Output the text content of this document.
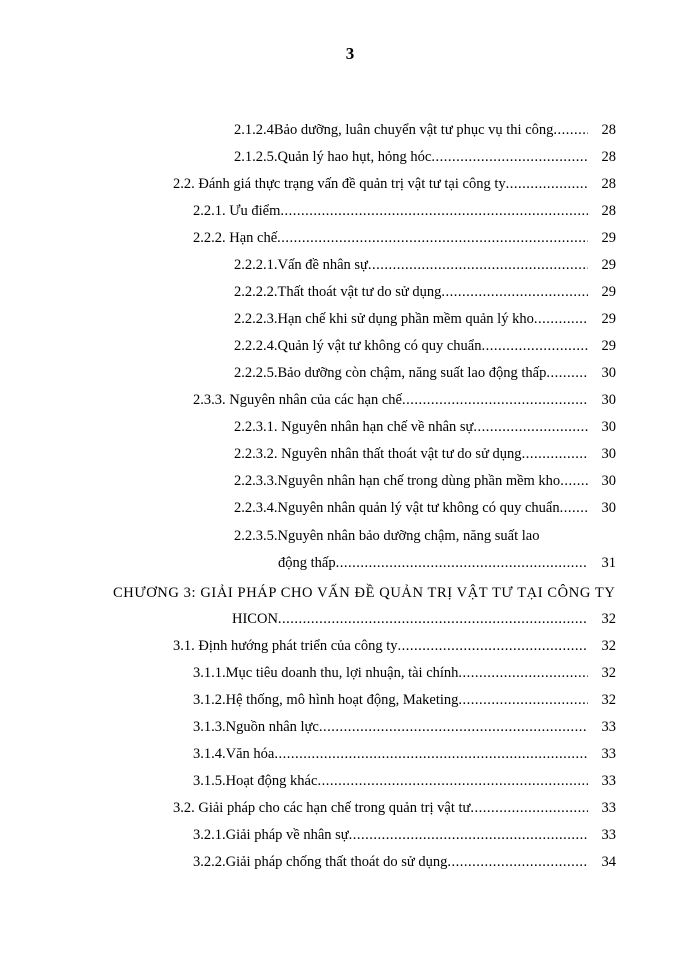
3
2.1.2.4Bảo dưỡng, luân chuyển vật tư phục vụ thi công .....	28
2.1.2.5.Quản lý hao hụt, hỏng hóc .....	28
2.2. Đánh giá thực trạng vấn đề quản trị vật tư tại công ty .....	28
2.2.1. Ưu điểm .....	28
2.2.2. Hạn chế .....	29
2.2.2.1.Vấn đề nhân sự .....	29
2.2.2.2.Thất thoát vật tư do sử dụng .....	29
2.2.2.3.Hạn chế khi sử dụng phần mềm quản lý kho .....	29
2.2.2.4.Quản lý vật tư không có quy chuẩn .....	29
2.2.2.5.Bảo dưỡng còn chậm, năng suất lao động thấp .....	30
2.3.3. Nguyên nhân của các hạn chế .....	30
2.2.3.1. Nguyên nhân hạn chế về nhân sự .....	30
2.2.3.2. Nguyên nhân thất thoát vật tư do sử dụng .....	30
2.2.3.3.Nguyên nhân hạn chế trong dùng phần mềm kho .....	30
2.2.3.4.Nguyên nhân quản lý vật tư không có quy chuẩn .....	30
2.2.3.5.Nguyên nhân bảo dưỡng chậm, năng suất lao
động thấp .....	31
CHƯƠNG 3: GIẢI PHÁP CHO VẤN ĐỀ QUẢN TRỊ VẬT TƯ TẠI CÔNG TY
HICON .....	32
3.1. Định hướng phát triển của công ty .....	32
3.1.1.Mục tiêu doanh thu, lợi nhuận, tài chính .....	32
3.1.2.Hệ thống, mô hình hoạt động, Maketing .....	32
3.1.3.Nguồn nhân lực .....	33
3.1.4.Văn hóa .....	33
3.1.5.Hoạt động khác .....	33
3.2. Giải pháp cho các hạn chế trong quản trị vật tư .....	33
3.2.1.Giải pháp về nhân sự .....	33
3.2.2.Giải pháp chống thất thoát do sử dụng .....	34
